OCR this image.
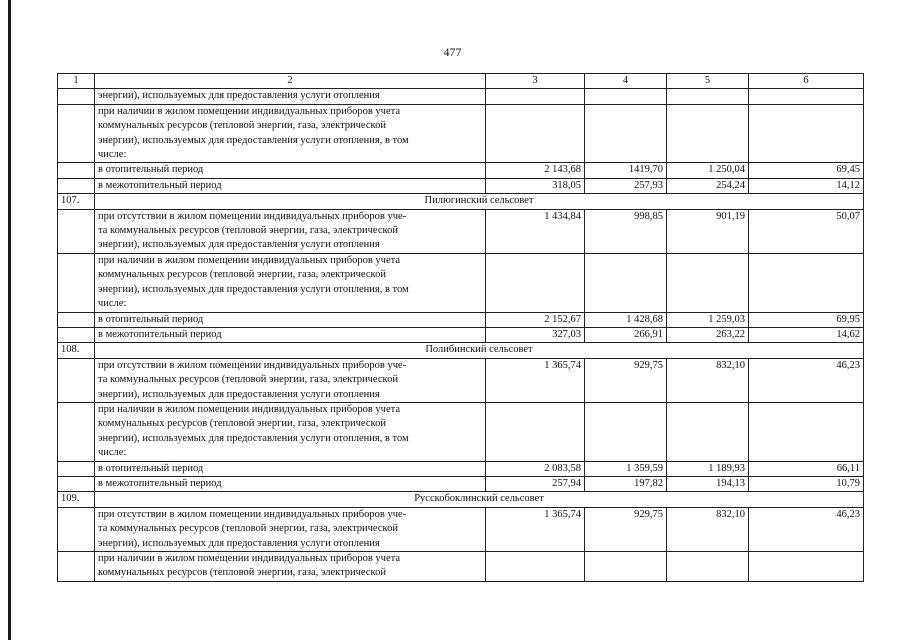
477
1	2	3	4	5	6

	энергии), используемых для предоставления услуги отопления				

	при наличии в жилом помещении индивидуальных приборов учета
коммунальных ресурсов (тепловой энергии, газа, электрической
энергии), используемых для предоставления услуги отопления, в том
числе:				

	в отопительный период	2 143,68	1419,70	1 250,04	69,45

	в межотопительный период	318,05	257,93	254,24	14,12
107.	Пилюгинский сельсовет				

	при отсутствии в жилом помещении индивидуальных приборов уче-
та коммунальных ресурсов (тепловой энергии, газа, электрической
энергии), используемых для предоставления услуги отопления	1 434,84	998,85	901,19	50,07

	при наличии в жилом помещении индивидуальных приборов учета
коммунальных ресурсов (тепловой энергии, газа, электрической
энергии), используемых для предоставления услуги отопления, в том
числе:				

	в отопительный период	2 152,67	1 428,68	1 259,03	69,95

	в межотопительный период	327,03	266,91	263,22	14,62
108.	Полибинский сельсовет				

	при отсутствии в жилом помещении индивидуальных приборов уче-
та коммунальных ресурсов (тепловой энергии, газа, электрической
энергии), используемых для предоставления услуги отопления	1 365,74	929,75	832,10	46,23

	при наличии в жилом помещении индивидуальных приборов учета
коммунальных ресурсов (тепловой энергии, газа, электрической
энергии), используемых для предоставления услуги отопления, в том
числе:				

	в отопительный период	2 083,58	1 359,59	1 189,93	66,11

	в межотопительный период	257,94	197,82	194,13	10,79
109.	Русскобоклинский сельсовет				

	при отсутствии в жилом помещении индивидуальных приборов уче-
та коммунальных ресурсов (тепловой энергии, газа, электрической
энергии), используемых для предоставления услуги отопления	1 365,74	929,75	832,10	46,23

	при наличии в жилом помещении индивидуальных приборов учета
коммунальных ресурсов (тепловой энергии, газа, электрической				
